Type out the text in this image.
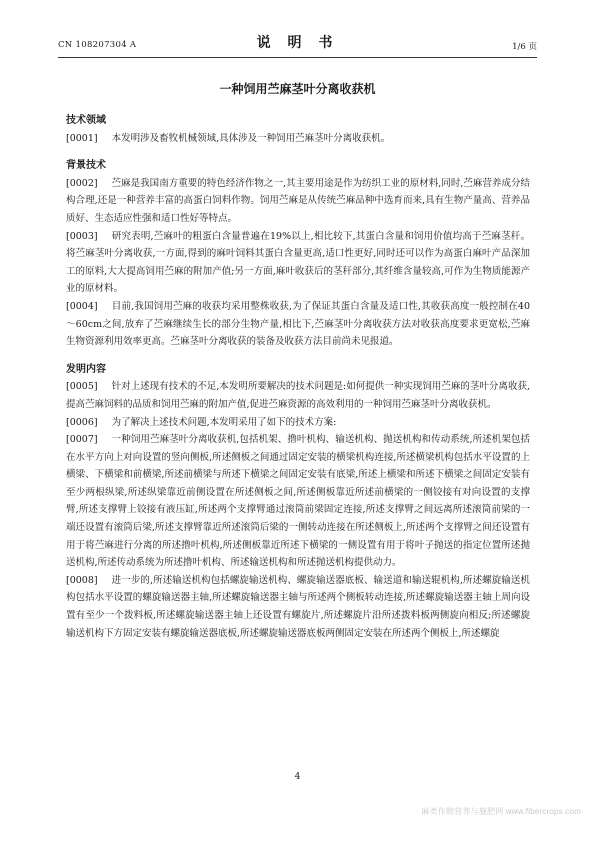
CN 108207304 A	说 明 书	1/6 页
一种饲用苎麻茎叶分离收获机
技术领域

[0001] 本发明涉及畜牧机械领域,具体涉及一种饲用苎麻茎叶分离收获机。

背景技术

[0002] 苎麻是我国南方重要的特色经济作物之一,其主要用途是作为纺织工业的原材料,同时,苎麻营养成分结构合理,还是一种营养丰富的高蛋白饲料作物。饲用苎麻是从传统苎麻品种中选育而来,具有生物产量高、营养品质好、生态适应性强和适口性好等特点。

[0003] 研究表明,苎麻叶的粗蛋白含量普遍在19%以上,相比较下,其蛋白含量和饲用价值均高于苎麻茎秆。将苎麻茎叶分离收获,一方面,得到的麻叶饲料其蛋白含量更高,适口性更好,同时还可以作为高蛋白麻叶产品深加工的原料,大大提高饲用苎麻的附加产值;另一方面,麻叶收获后的茎秆部分,其纤维含量较高,可作为生物质能源产业的原材料。

[0004] 目前,我国饲用苎麻的收获均采用整株收获,为了保证其蛋白含量及适口性,其收获高度一般控制在40～60cm之间,放弃了苎麻继续生长的部分生物产量,相比下,苎麻茎叶分离收获方法对收获高度要求更宽松,苎麻生物资源利用效率更高。苎麻茎叶分离收获的装备及收获方法目前尚未见报道。

发明内容

[0005] 针对上述现有技术的不足,本发明所要解决的技术问题是:如何提供一种实现饲用苎麻的茎叶分离收获,提高苎麻饲料的品质和饲用苎麻的附加产值,促进苎麻资源的高效利用的一种饲用苎麻茎叶分离收获机。

[0006] 为了解决上述技术问题,本发明采用了如下的技术方案:

[0007] 一种饲用苎麻茎叶分离收获机,包括机架、撸叶机构、输送机构、抛送机构和传动系统,所述机架包括在水平方向上对向设置的竖向侧板,所述侧板之间通过固定安装的横梁机构连接,所述横梁机构包括水平设置的上横梁、下横梁和前横梁,所述前横梁与所述下横梁之间固定安装有底梁,所述上横梁和所述下横梁之间固定安装有至少两根纵梁,所述纵梁靠近前侧设置在所述侧板之间,所述侧板靠近所述前横梁的一侧铰接有对向设置的支撑臂,所述支撑臂上铰接有液压缸,所述两个支撑臂通过滚筒前梁固定连接,所述支撑臂之间远离所述滚筒前梁的一端还设置有滚筒后梁,所述支撑臂靠近所述滚筒后梁的一侧转动连接在所述侧板上,所述两个支撑臂之间还设置有用于将苎麻进行分离的所述撸叶机构,所述侧板靠近所述下横梁的一侧设置有用于将叶子抛送的指定位置所述抛送机构,所述传动系统为所述撸叶机构、所述输送机构和所述抛送机构提供动力。

[0008] 进一步的,所述输送机构包括螺旋输送机构、螺旋输送器底板、输送道和输送辊机构,所述螺旋输送机构包括水平设置的螺旋输送器主轴,所述螺旋输送器主轴与所述两个侧板转动连接,所述螺旋输送器主轴上周向设置有至少一个拨料板,所述螺旋输送器主轴上还设置有螺旋片,所述螺旋片沿所述拨料板两侧旋向相反;所述螺旋输送机构下方固定安装有螺旋输送器底板,所述螺旋输送器底板两侧固定安装在所述两个侧板上,所述螺旋

4
麻类作物营养与施肥网 www.fibercrops.com
